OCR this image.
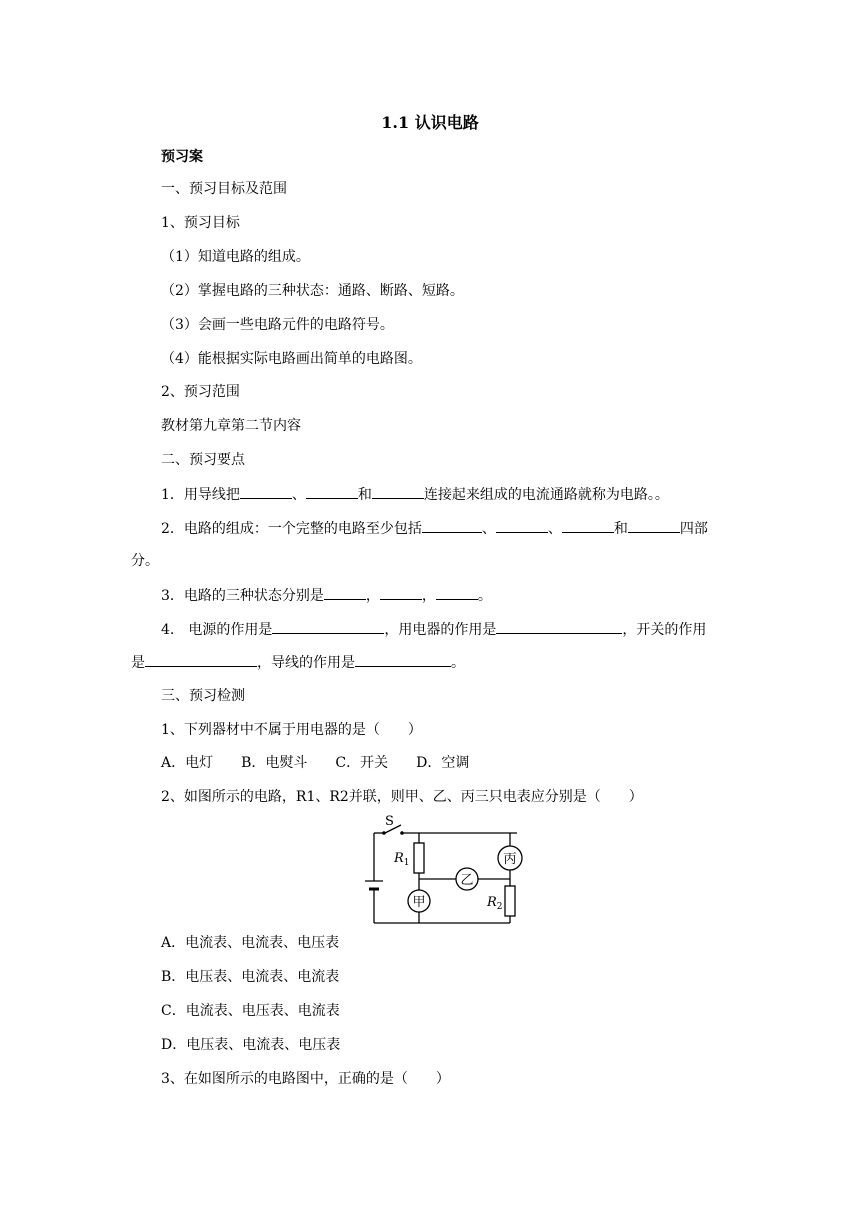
1.1 认识电路
预习案
一、预习目标及范围
1、预习目标
（1）知道电路的组成。
（2）掌握电路的三种状态：通路、断路、短路。
（3）会画一些电路元件的电路符号。
（4）能根据实际电路画出简单的电路图。
2、预习范围
教材第九章第二节内容
二、预习要点
1．用导线把	、	和	连接起来组成的电流通路就称为电路。。
2．电路的组成：一个完整的电路至少包括	、	、	和	四部
分。
3．电路的三种状态分别是	，	，	。
4.　电源的作用是	，用电器的作用是	，开关的作用
是	，导线的作用是	。
三、预习检测
1、下列器材中不属于用电器的是（　　）
A．电灯　　B．电熨斗　　C．开关　　D．空调
2、如图所示的电路，R1、R2并联，则甲、乙、丙三只电表应分别是（　　）
S
$R_1$
$R_2$
甲
乙
丙
A．电流表、电流表、电压表
B．电压表、电流表、电流表
C．电流表、电压表、电流表
D．电压表、电流表、电压表
3、在如图所示的电路图中，正确的是（　　）
